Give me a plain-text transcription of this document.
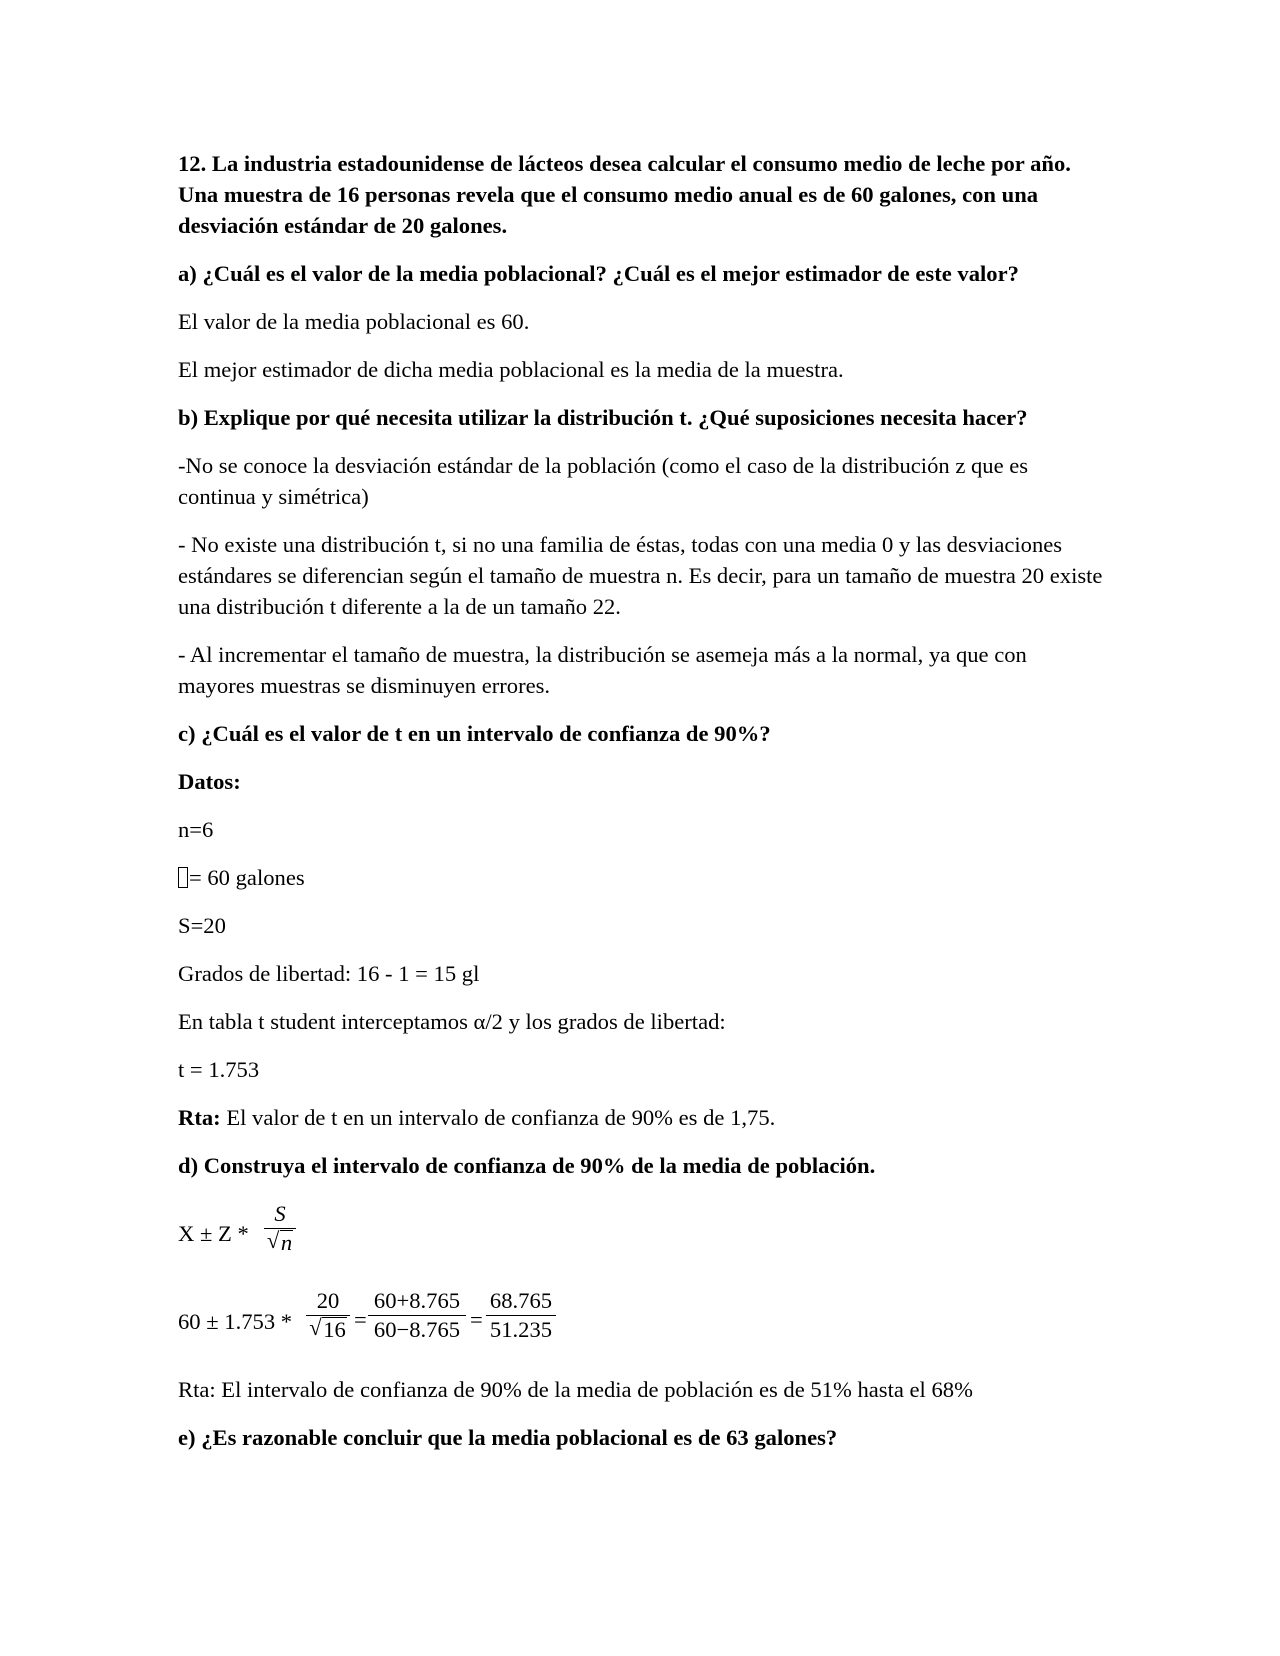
12. La industria estadounidense de lácteos desea calcular el consumo medio de leche por año. Una muestra de 16 personas revela que el consumo medio anual es de 60 galones, con una desviación estándar de 20 galones.

a) ¿Cuál es el valor de la media poblacional? ¿Cuál es el mejor estimador de este valor?

El valor de la media poblacional es 60.

El mejor estimador de dicha media poblacional es la media de la muestra.

b) Explique por qué necesita utilizar la distribución t. ¿Qué suposiciones necesita hacer?

-No se conoce la desviación estándar de la población (como el caso de la distribución z que es continua y simétrica)

- No existe una distribución t, si no una familia de éstas, todas con una media 0 y las desviaciones estándares se diferencian según el tamaño de muestra n. Es decir, para un tamaño de muestra 20 existe una distribución t diferente a la de un tamaño 22.

- Al incrementar el tamaño de muestra, la distribución se asemeja más a la normal, ya que con mayores muestras se disminuyen errores.

c) ¿Cuál es el valor de t en un intervalo de confianza de 90%?

Datos:

n=6

= 60 galones

S=20

Grados de libertad: 16 - 1 = 15 gl

En tabla t student interceptamos α/2 y los grados de libertad:

t = 1.753

Rta: El valor de t en un intervalo de confianza de 90% es de 1,75.

d) Construya el intervalo de confianza de 90% de la media de población.

X ± Z *
S
√ n
60 ± 1.753 *
20
√ 16 =
60+8.765
60−8.765 =
68.765
51.235

Rta: El intervalo de confianza de 90% de la media de población es de 51% hasta el 68%

e) ¿Es razonable concluir que la media poblacional es de 63 galones?
